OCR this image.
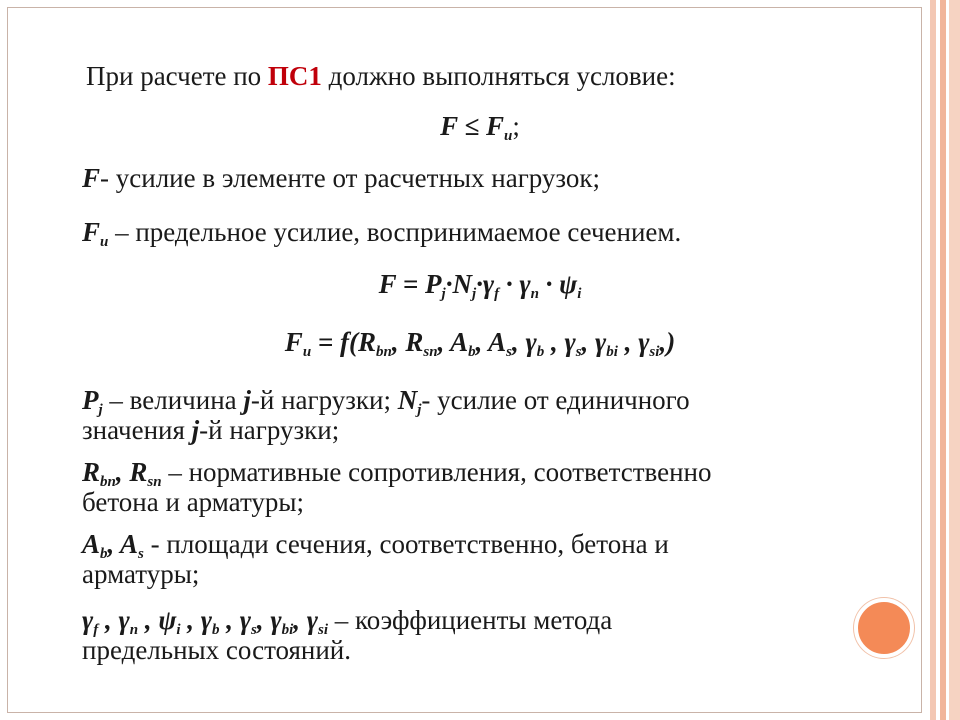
При расчете по ПС1 должно выполняться условие:
$F \le F_u$;
F- усилие в элементе от расчетных нагрузок;
$F_u$ – предельное усилие, воспринимаемое сечением.
$F = P_j\cdot N_j\cdot\gamma_f \cdot \gamma_n \cdot \psi_i$
$F_u = f(R_{bn}$, $R_{sn}$, $A_b$, $A_s$, $\gamma_b$ , $\gamma_s$, $\gamma_{bi}$ , $\gamma_{si}$,)
$P_j$ – величина j-й нагрузки; $N_j-$ усилие от единичного
значения j-й нагрузки;
$R_{bn}$, $R_{sn}$ – нормативные сопротивления, соответственно
бетона и арматуры;
$A_b$, $A_s$ - площади сечения, соответственно, бетона и
арматуры;
$\gamma_f$ , $\gamma_n$ , $\psi_i$ , $\gamma_b$ , $\gamma_s$, $\gamma_{bi}$, $\gamma_{si}$ – коэффициенты метода
предельных состояний.
